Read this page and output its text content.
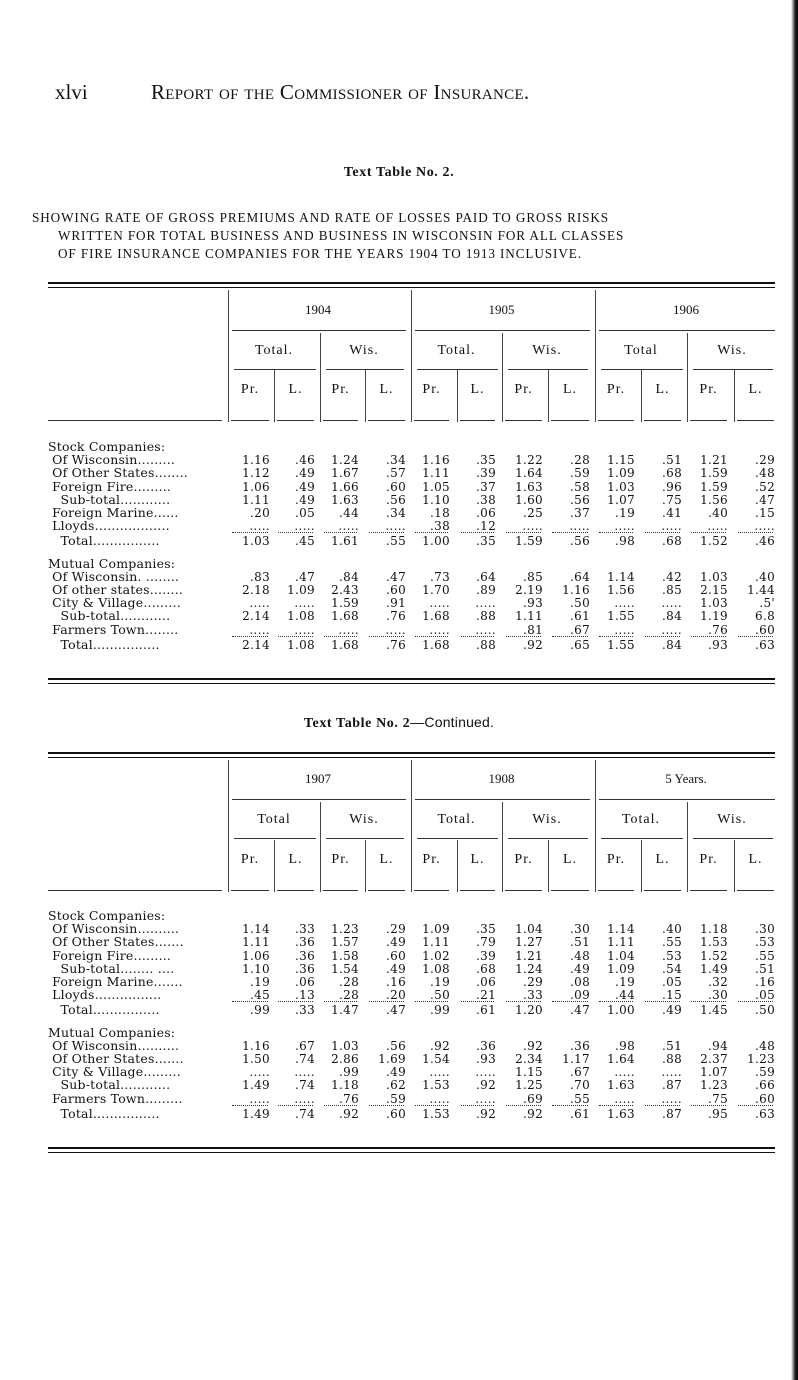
xlvi	Report of the Commissioner of Insurance.
Text Table No. 2.
SHOWING RATE OF GROSS PREMIUMS AND RATE OF LOSSES PAID TO GROSS RISKS
WRITTEN FOR TOTAL BUSINESS AND BUSINESS IN WISCONSIN FOR ALL CLASSES
OF FIRE INSURANCE COMPANIES FOR THE YEARS 1904 TO 1913 INCLUSIVE.
1904	1905	1906
Total.	Wis.	Total.	Wis.	Total	Wis.
Pr.	L.	Pr.	L.	Pr.	L.	Pr.	L.	Pr.	L.	Pr.	L.
Stock Companies:
Of Wisconsin.........	1.16 .46 1.24 .34 1.16 .35 1.22 .28 1.15 .51 1.21 .29
Of Other States........	1.12 .49 1.67 .57 1.11 .39 1.64 .59 1.09 .68 1.59 .48
Foreign Fire.........	1.06 .49 1.66 .60 1.05 .37 1.63 .58 1.03 .96 1.59 .52
Sub-total............	1.11 .49 1.63 .56 1.10 .38 1.60 .56 1.07 .75 1.56 .47
Foreign Marine......	.20 .05 .44 .34 .18 .06 .25 .37 .19 .41 .40 .15
Lloyds..................	..... ..... ..... ..... .38 .12 ..... ..... ..... ..... ..... .....
Total................	1.03 .45 1.61 .55 1.00 .35 1.59 .56 .98 .68 1.52 .46
Mutual Companies:
Of Wisconsin. ........	.83 .47 .84 .47 .73 .64 .85 .64 1.14 .42 1.03 .40
Of other states........	2.18 1.09 2.43 .60 1.70 .89 2.19 1.16 1.56 .85 2.15 1.44
City & Village.........	..... ..... 1.59 .91 ..... ..... .93 .50 ..... ..... 1.03	.5'
Sub-total............	2.14 1.08 1.68 .76 1.68 .88 1.11 .61 1.55 .84 1.19 6.8
Farmers Town........	..... ..... ..... ..... ..... ..... .81 .67 ..... ..... .76 .60
Total................	2.14 1.08 1.68 .76 1.68 .88 .92 .65 1.55 .84 .93 .63
Text Table No. 2—Continued.
1907	1908	5 Years.
Total	Wis.	Total.	Wis.	Total.	Wis.
Pr.	L.	Pr.	L.	Pr.	L.	Pr.	L.	Pr.	L.	Pr.	L.
Stock Companies:
Of Wisconsin..........	1.14 .33 1.23 .29 1.09 .35 1.04 .30 1.14 .40 1.18 .30
Of Other States.......	1.11 .36 1.57 .49 1.11 .79 1.27 .51 1.11 .55 1.53 .53
Foreign Fire.........	1.06 .36 1.58 .60 1.02 .39 1.21 .48 1.04 .53 1.52 .55
Sub-total........ ....	1.10 .36 1.54 .49 1.08 .68 1.24 .49 1.09 .54 1.49 .51
Foreign Marine.......	.19 .06 .28 .16 .19 .06 .29 .08 .19 .05 .32 .16
Lloyds................	.45 .13 .28 .20 .50 .21 .33 .09 .44 .15 .30 .05
Total................	.99 .33 1.47 .47 .99 .61 1.20 .47 1.00 .49 1.45 .50
Mutual Companies:
Of Wisconsin..........	1.16 .67 1.03 .56 .92 .36 .92 .36 .98 .51 .94 .48
Of Other States.......	1.50 .74 2.86 1.69 1.54 .93 2.34 1.17 1.64 .88 2.37 1.23
City & Village.........	..... ..... .99 .49 ..... ..... 1.15 .67 ..... ..... 1.07 .59
Sub-total............	1.49 .74 1.18 .62 1.53 .92 1.25 .70 1.63 .87 1.23 .66
Farmers Town.........	..... ..... .76 .59 ..... ..... .69 .55 ..... ..... .75 .60
Total................	1.49 .74 .92 .60 1.53 .92 .92 .61 1.63 .87 .95 .63
